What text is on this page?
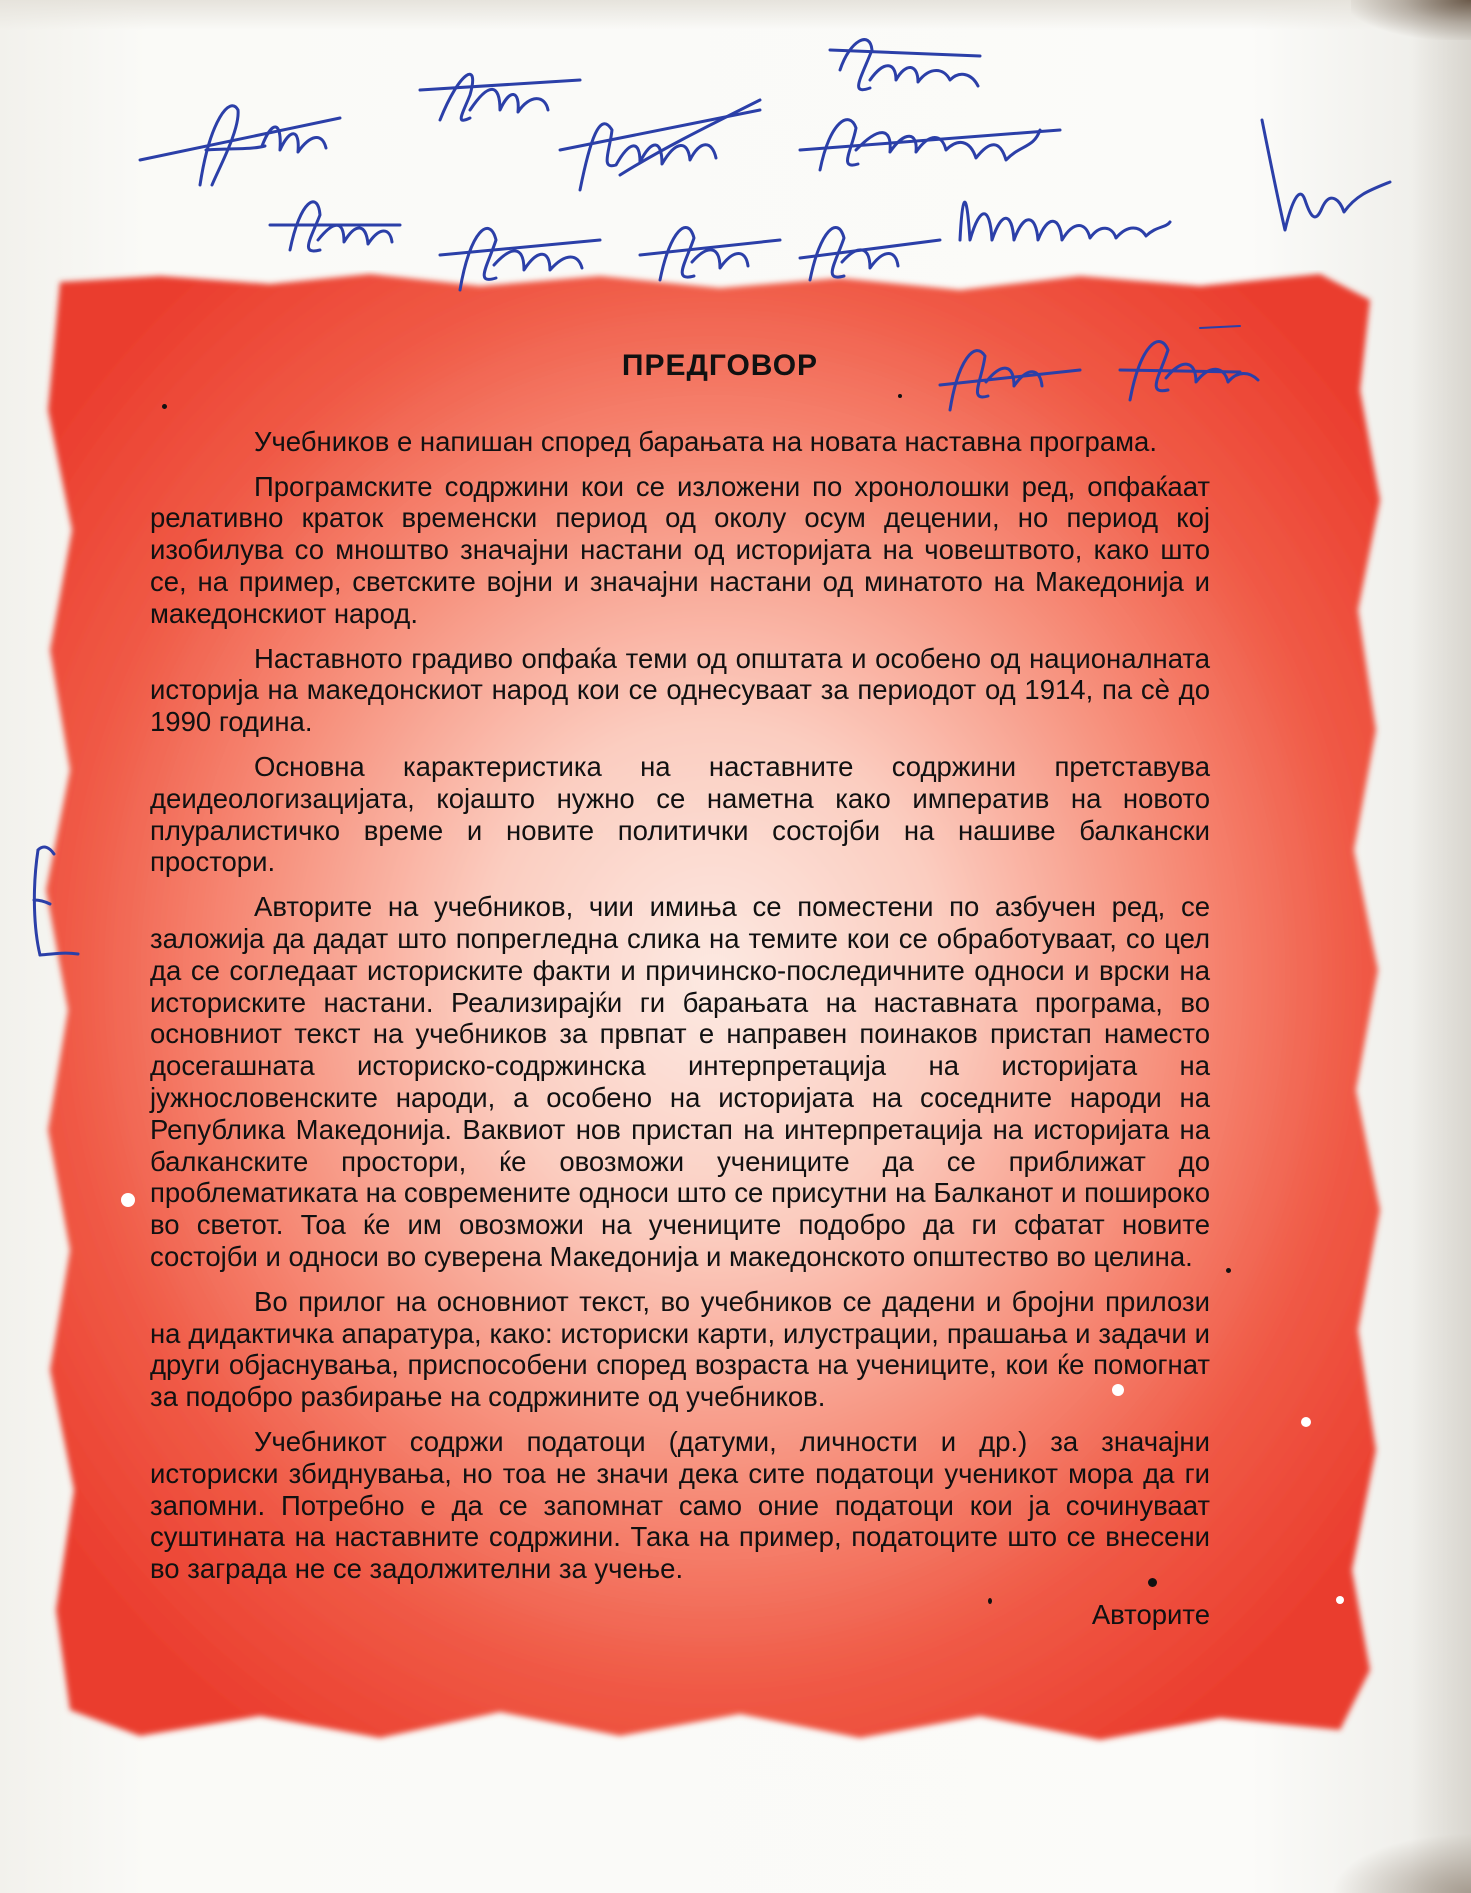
ПРЕДГОВОР

Учебников е напишан според барањата на новата наставна програма.

Програмските содржини кои се изложени по хронолошки ред, опфаќаат релативно краток временски период од околу осум децении, но период кој изобилува со мноштво значајни настани од историјата на човештвото, како што се, на пример, светските војни и значајни настани од минатото на Македонија и македонскиот народ.

Наставното градиво опфаќа теми од општата и особено од националната историја на македонскиот народ кои се однесуваат за периодот од 1914, па сè до 1990 година.

Основна карактеристика на наставните содржини претставува деидеологизацијата, којашто нужно се наметна како императив на новото плуралистичко време и новите политички состојби на нашиве балкански простори.

Авторите на учебников, чии имиња се поместени по азбучен ред, се заложија да дадат што попрегледна слика на темите кои се обработуваат, со цел да се согледаат историските факти и причинско-последичните односи и врски на историските настани. Реализирајќи ги барањата на наставната програма, во основниот текст на учебников за првпат е направен поинаков пристап наместо досегашната историско-содржинска интерпретација на историјата на јужнословенските народи, а особено на историјата на соседните народи на Република Македонија. Ваквиот нов пристап на интерпретација на историјата на балканските простори, ќе овозможи учениците да се приближат до проблематиката на современите односи што се присутни на Балканот и пошироко во светот. Тоа ќе им овозможи на учениците подобро да ги сфатат новите состојби и односи во суверена Македонија и македонското општество во целина.

Во прилог на основниот текст, во учебников се дадени и бројни прилози на дидактичка апаратура, како: историски карти, илустрации, прашања и задачи и други објаснувања, приспособени според возраста на учениците, кои ќе помогнат за подобро разбирање на содржините од учебников.

Учебникот содржи податоци (датуми, личности и др.) за значајни историски збиднувања, но тоа не значи дека сите податоци ученикот мора да ги запомни. Потребно е да се запомнат само оние податоци кои ја сочинуваат суштината на наставните содржини. Така на пример, податоците што се внесени во заграда не се задолжителни за учење.

Авторите
